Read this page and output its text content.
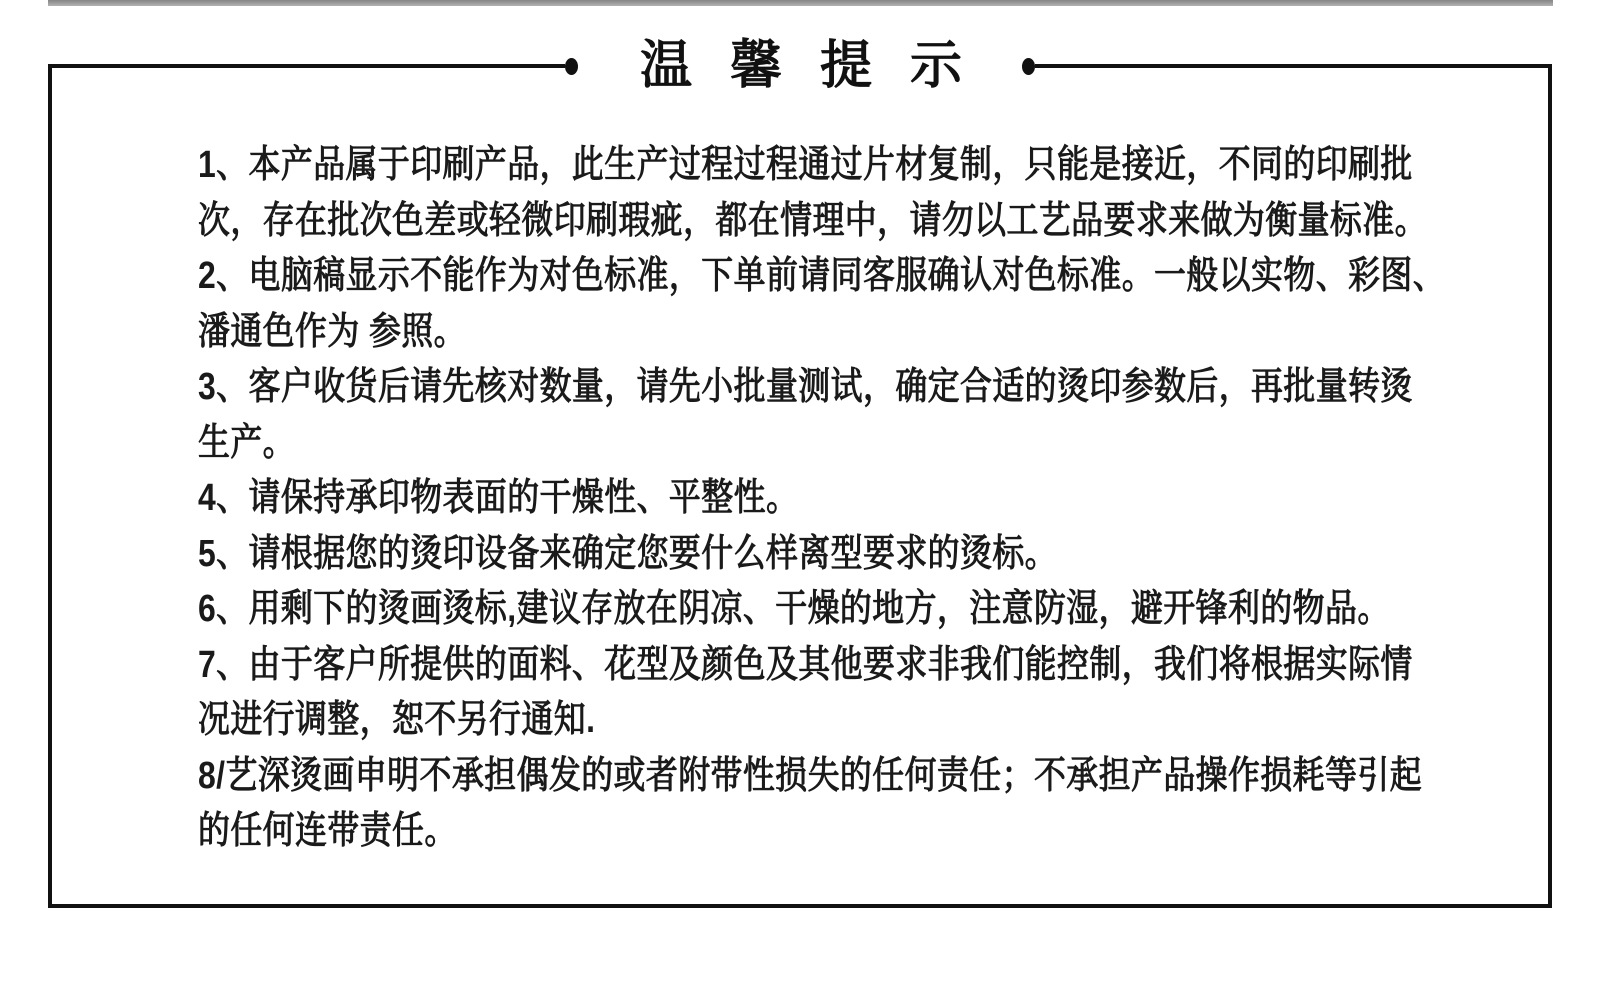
温馨提示
1、本产品属于印刷产品，此生产过程过程通过片材复制，只能是接近，不同的印刷批
次，存在批次色差或轻微印刷瑕疵，都在情理中，请勿以工艺品要求来做为衡量标准。
2、电脑稿显示不能作为对色标准，下单前请同客服确认对色标准。一般以实物、彩图、
潘通色作为 参照。
3、客户收货后请先核对数量，请先小批量测试，确定合适的烫印参数后，再批量转烫
生产。
4、请保持承印物表面的干燥性、平整性。
5、请根据您的烫印设备来确定您要什么样离型要求的烫标。
6、用剩下的烫画烫标,建议存放在阴凉、干燥的地方，注意防湿，避开锋利的物品。
7、由于客户所提供的面料、花型及颜色及其他要求非我们能控制，我们将根据实际情
况进行调整，恕不另行通知.
8/艺深烫画申明不承担偶发的或者附带性损失的任何责任；不承担产品操作损耗等引起
的任何连带责任。
